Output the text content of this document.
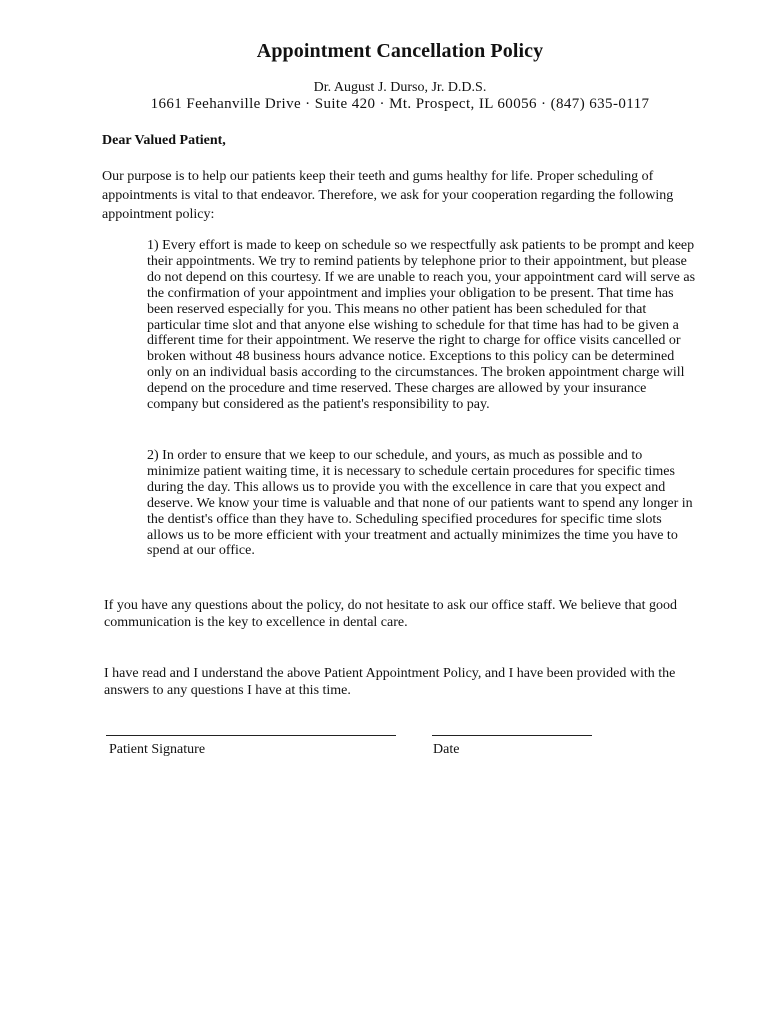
Appointment Cancellation Policy
Dr. August J. Durso, Jr. D.D.S.
1661 Feehanville Drive · Suite 420 · Mt. Prospect, IL 60056 · (847) 635-0117
Dear Valued Patient,

Our purpose is to help our patients keep their teeth and gums healthy for life. Proper scheduling of appointments is vital to that endeavor. Therefore, we ask for your cooperation regarding the following appointment policy:

1) Every effort is made to keep on schedule so we respectfully ask patients to be prompt and keep their appointments. We try to remind patients by telephone prior to their appointment, but please do not depend on this courtesy. If we are unable to reach you, your appointment card will serve as the confirmation of your appointment and implies your obligation to be present. That time has been reserved especially for you. This means no other patient has been scheduled for that particular time slot and that anyone else wishing to schedule for that time has had to be given a different time for their appointment. We reserve the right to charge for office visits cancelled or broken without 48 business hours advance notice. Exceptions to this policy can be determined only on an individual basis according to the circumstances. The broken appointment charge will depend on the procedure and time reserved. These charges are allowed by your insurance company but considered as the patient's responsibility to pay.

2) In order to ensure that we keep to our schedule, and yours, as much as possible and to minimize patient waiting time, it is necessary to schedule certain procedures for specific times during the day. This allows us to provide you with the excellence in care that you expect and deserve. We know your time is valuable and that none of our patients want to spend any longer in the dentist's office than they have to. Scheduling specified procedures for specific time slots allows us to be more efficient with your treatment and actually minimizes the time you have to spend at our office.

If you have any questions about the policy, do not hesitate to ask our office staff. We believe that good communication is the key to excellence in dental care.

I have read and I understand the above Patient Appointment Policy, and I have been provided with the answers to any questions I have at this time.

Patient Signature	Date
